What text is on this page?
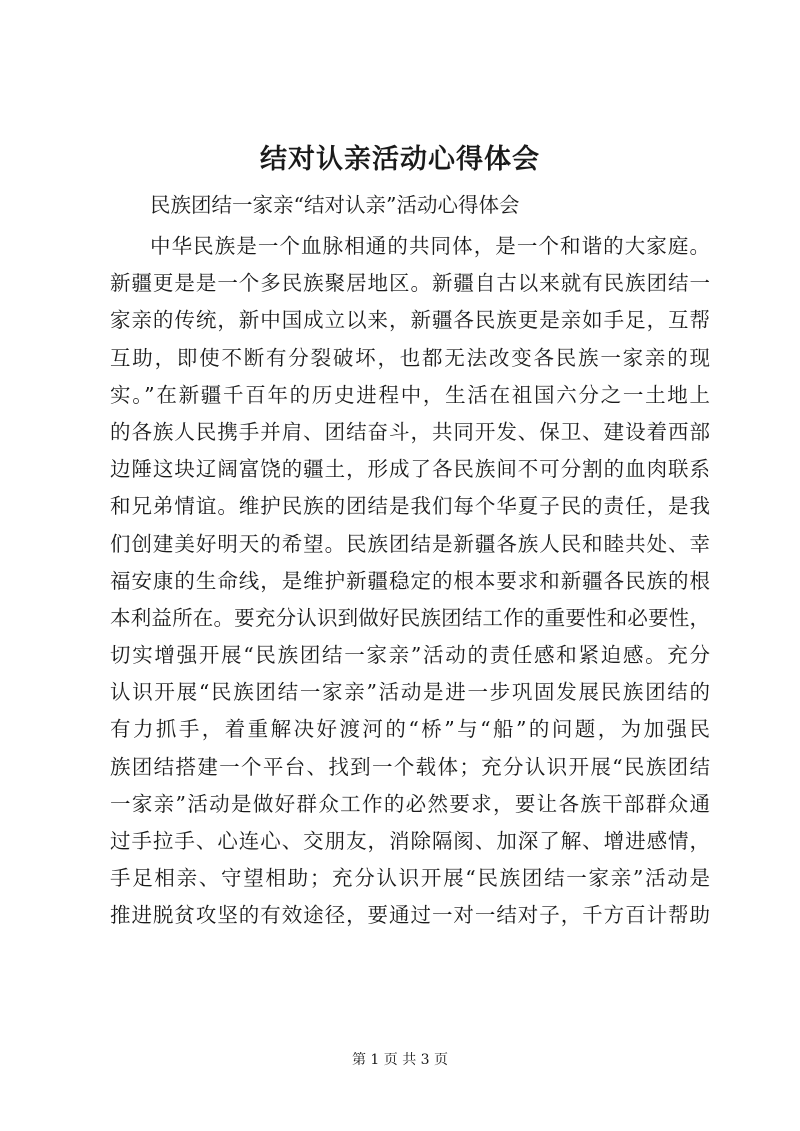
结对认亲活动心得体会

民族团结一家亲“结对认亲”活动心得体会

中华民族是一个血脉相通的共同体，是一个和谐的大家庭。
新疆更是是一个多民族聚居地区。新疆自古以来就有民族团结一
家亲的传统，新中国成立以来，新疆各民族更是亲如手足，互帮
互助，即使不断有分裂破坏，也都无法改变各民族一家亲的现
实。”在新疆千百年的历史进程中，生活在祖国六分之一土地上
的各族人民携手并肩、团结奋斗，共同开发、保卫、建设着西部
边陲这块辽阔富饶的疆土，形成了各民族间不可分割的血肉联系
和兄弟情谊。维护民族的团结是我们每个华夏子民的责任，是我
们创建美好明天的希望。民族团结是新疆各族人民和睦共处、幸
福安康的生命线，是维护新疆稳定的根本要求和新疆各民族的根
本利益所在。要充分认识到做好民族团结工作的重要性和必要性，
切实增强开展“民族团结一家亲”活动的责任感和紧迫感。充分
认识开展“民族团结一家亲”活动是进一步巩固发展民族团结的
有力抓手，着重解决好渡河的“桥”与“船”的问题，为加强民
族团结搭建一个平台、找到一个载体；充分认识开展“民族团结
一家亲”活动是做好群众工作的必然要求，要让各族干部群众通
过手拉手、心连心、交朋友，消除隔阂、加深了解、增进感情，
手足相亲、守望相助；充分认识开展“民族团结一家亲”活动是
推进脱贫攻坚的有效途径，要通过一对一结对子，千方百计帮助

第 1 页 共 3 页
